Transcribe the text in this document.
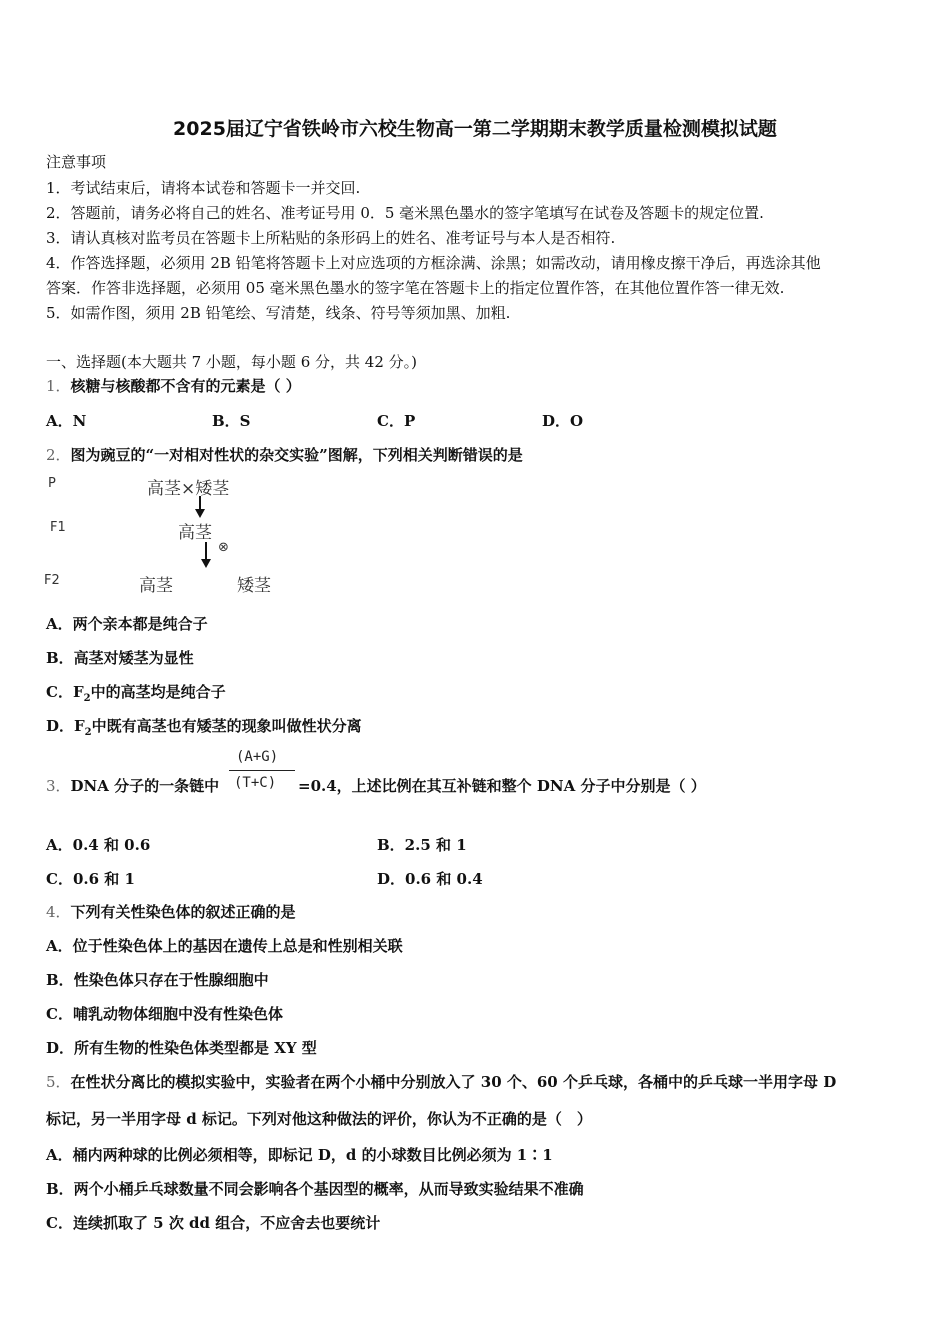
2025届辽宁省铁岭市六校生物高一第二学期期末教学质量检测模拟试题
注意事项
1．考试结束后，请将本试卷和答题卡一并交回.
2．答题前，请务必将自己的姓名、准考证号用 0．5 毫米黑色墨水的签字笔填写在试卷及答题卡的规定位置.
3．请认真核对监考员在答题卡上所粘贴的条形码上的姓名、准考证号与本人是否相符.
4．作答选择题，必须用 2B 铅笔将答题卡上对应选项的方框涂满、涂黑；如需改动，请用橡皮擦干净后，再选涂其他
答案．作答非选择题，必须用 05 毫米黑色墨水的签字笔在答题卡上的指定位置作答，在其他位置作答一律无效.
5．如需作图，须用 2B 铅笔绘、写清楚，线条、符号等须加黑、加粗.
一、选择题(本大题共 7 小题，每小题 6 分，共 42 分。)
1．核糖与核酸都不含有的元素是（ ）
A．N	B．S	C．P	D．O
2．图为豌豆的“一对相对性状的杂交实验”图解，下列相关判断错误的是
P
F1
F2
高茎×矮茎
高茎
⊗
高茎	矮茎
A．两个亲本都是纯合子
B．高茎对矮茎为显性
C．$F_2$中的高茎均是纯合子
D．$F_2$中既有高茎也有矮茎的现象叫做性状分离
(A+G)
(T+C)
3．DNA 分子的一条链中	=0.4，上述比例在其互补链和整个 DNA 分子中分别是（ ）
A．0.4 和 0.6	B．2.5 和 1
C．0.6 和 1	D．0.6 和 0.4
4．下列有关性染色体的叙述正确的是
A．位于性染色体上的基因在遗传上总是和性别相关联
B．性染色体只存在于性腺细胞中
C．哺乳动物体细胞中没有性染色体
D．所有生物的性染色体类型都是 XY 型
5．在性状分离比的模拟实验中，实验者在两个小桶中分别放入了 30 个、60 个乒乓球，各桶中的乒乓球一半用字母 D
标记，另一半用字母 d 标记。下列对他这种做法的评价，你认为不正确的是（　）
A．桶内两种球的比例必须相等，即标记 D，d 的小球数目比例必须为 1∶1
B．两个小桶乒乓球数量不同会影响各个基因型的概率，从而导致实验结果不准确
C．连续抓取了 5 次 dd 组合，不应舍去也要统计
